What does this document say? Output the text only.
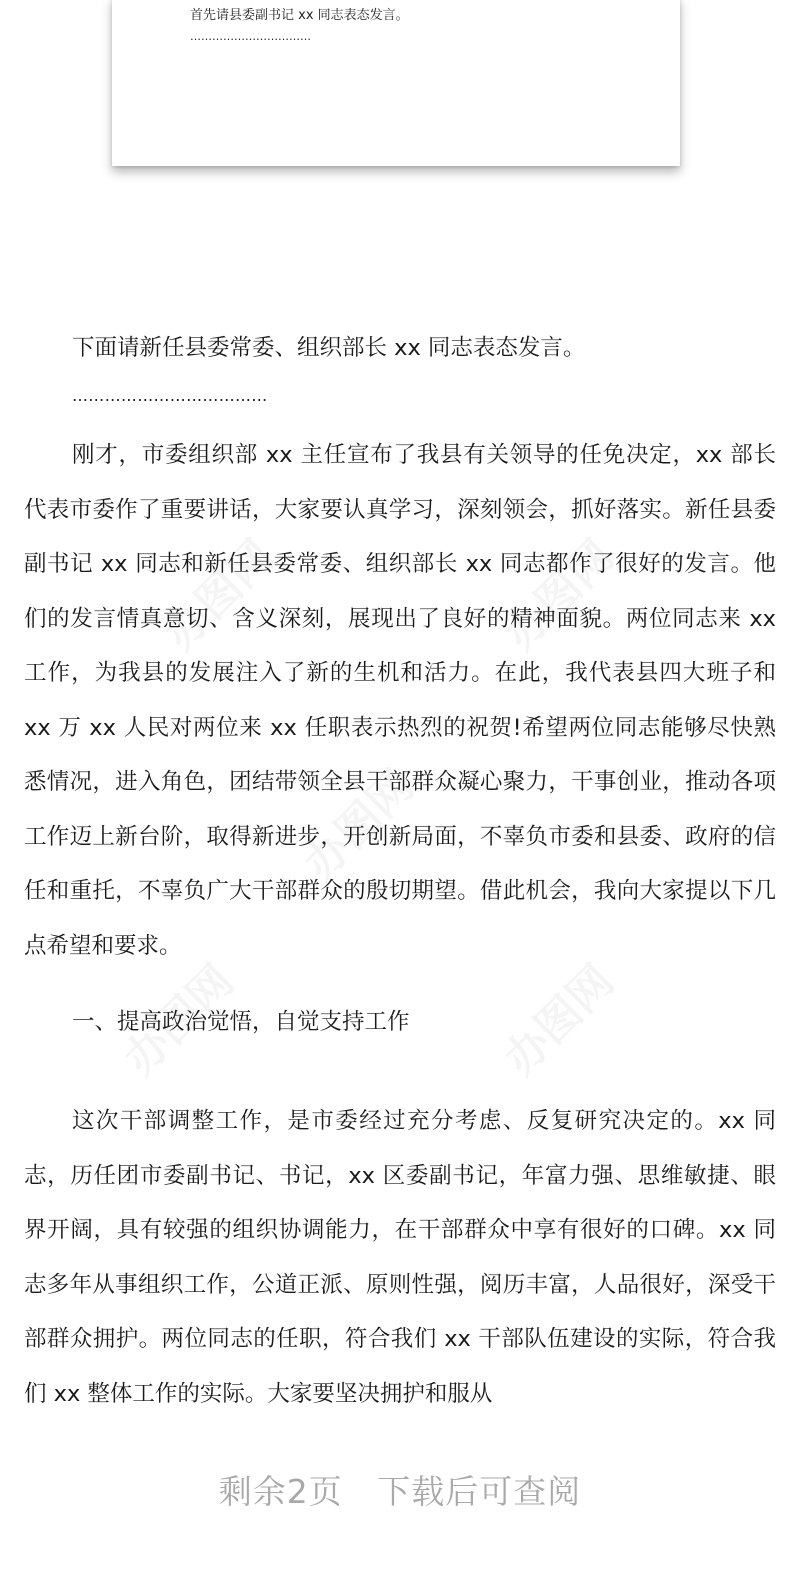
首先请县委副书记 xx 同志表态发言。
……………………………
下面请新任县委常委、组织部长 xx 同志表态发言。
………………………………

刚才，市委组织部 xx 主任宣布了我县有关领导的任免决定，xx 部长代表市委作了重要讲话，大家要认真学习，深刻领会，抓好落实。新任县委副书记 xx 同志和新任县委常委、组织部长 xx 同志都作了很好的发言。他们的发言情真意切、含义深刻，展现出了良好的精神面貌。两位同志来 xx 工作，为我县的发展注入了新的生机和活力。在此，我代表县四大班子和 xx 万 xx 人民对两位来 xx 任职表示热烈的祝贺!希望两位同志能够尽快熟悉情况，进入角色，团结带领全县干部群众凝心聚力，干事创业，推动各项工作迈上新台阶，取得新进步，开创新局面，不辜负市委和县委、政府的信任和重托，不辜负广大干部群众的殷切期望。借此机会，我向大家提以下几点希望和要求。

一、提高政治觉悟，自觉支持工作

这次干部调整工作，是市委经过充分考虑、反复研究决定的。xx 同志，历任团市委副书记、书记，xx 区委副书记，年富力强、思维敏捷、眼界开阔，具有较强的组织协调能力，在干部群众中享有很好的口碑。xx 同志多年从事组织工作，公道正派、原则性强，阅历丰富，人品很好，深受干部群众拥护。两位同志的任职，符合我们 xx 干部队伍建设的实际，符合我们 xx 整体工作的实际。大家要坚决拥护和服从

剩余2页 下载后可查阅
